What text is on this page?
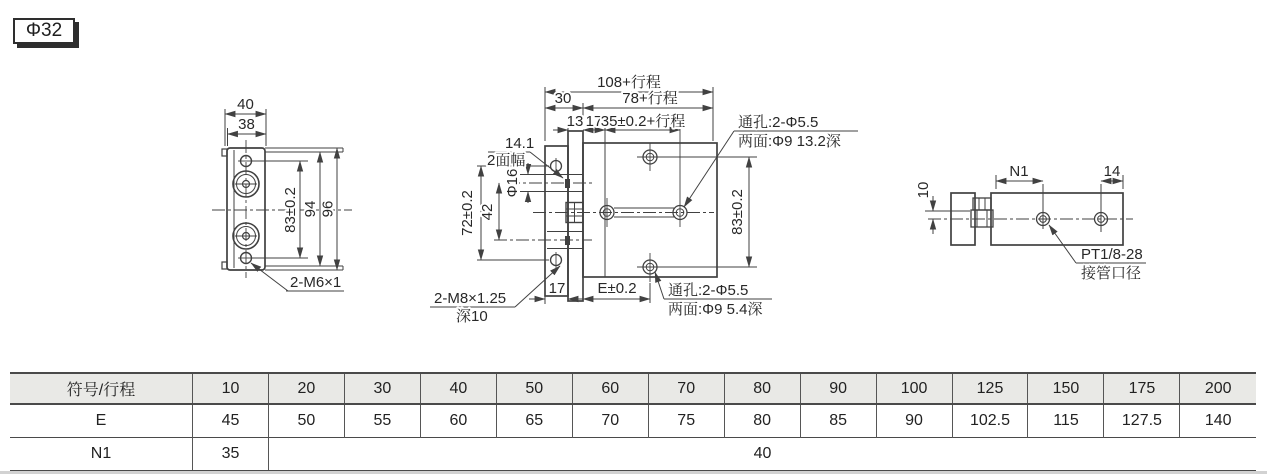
Φ32
40
38
83±0.2 94 96
2-M6×1
108+行程
30	78+行程
13 17
35±0.2+行程
14.1
2面幅
Φ16
72±0.2 42	83±0.2
17 E±0.2
2-M8×1.25
深10
通孔:2-Φ5.5
两面:Φ9 13.2深
通孔:2-Φ5.5
两面:Φ9 5.4深
N1	14
10
PT1/8-28
接管口径
符号/行程	10	20	30	40	50	60	70	80	90	100	125	150	175	200
E	45	50	55	60	65	70	75	80	85	90	102.5	115	127.5	140
N1	35	40												
